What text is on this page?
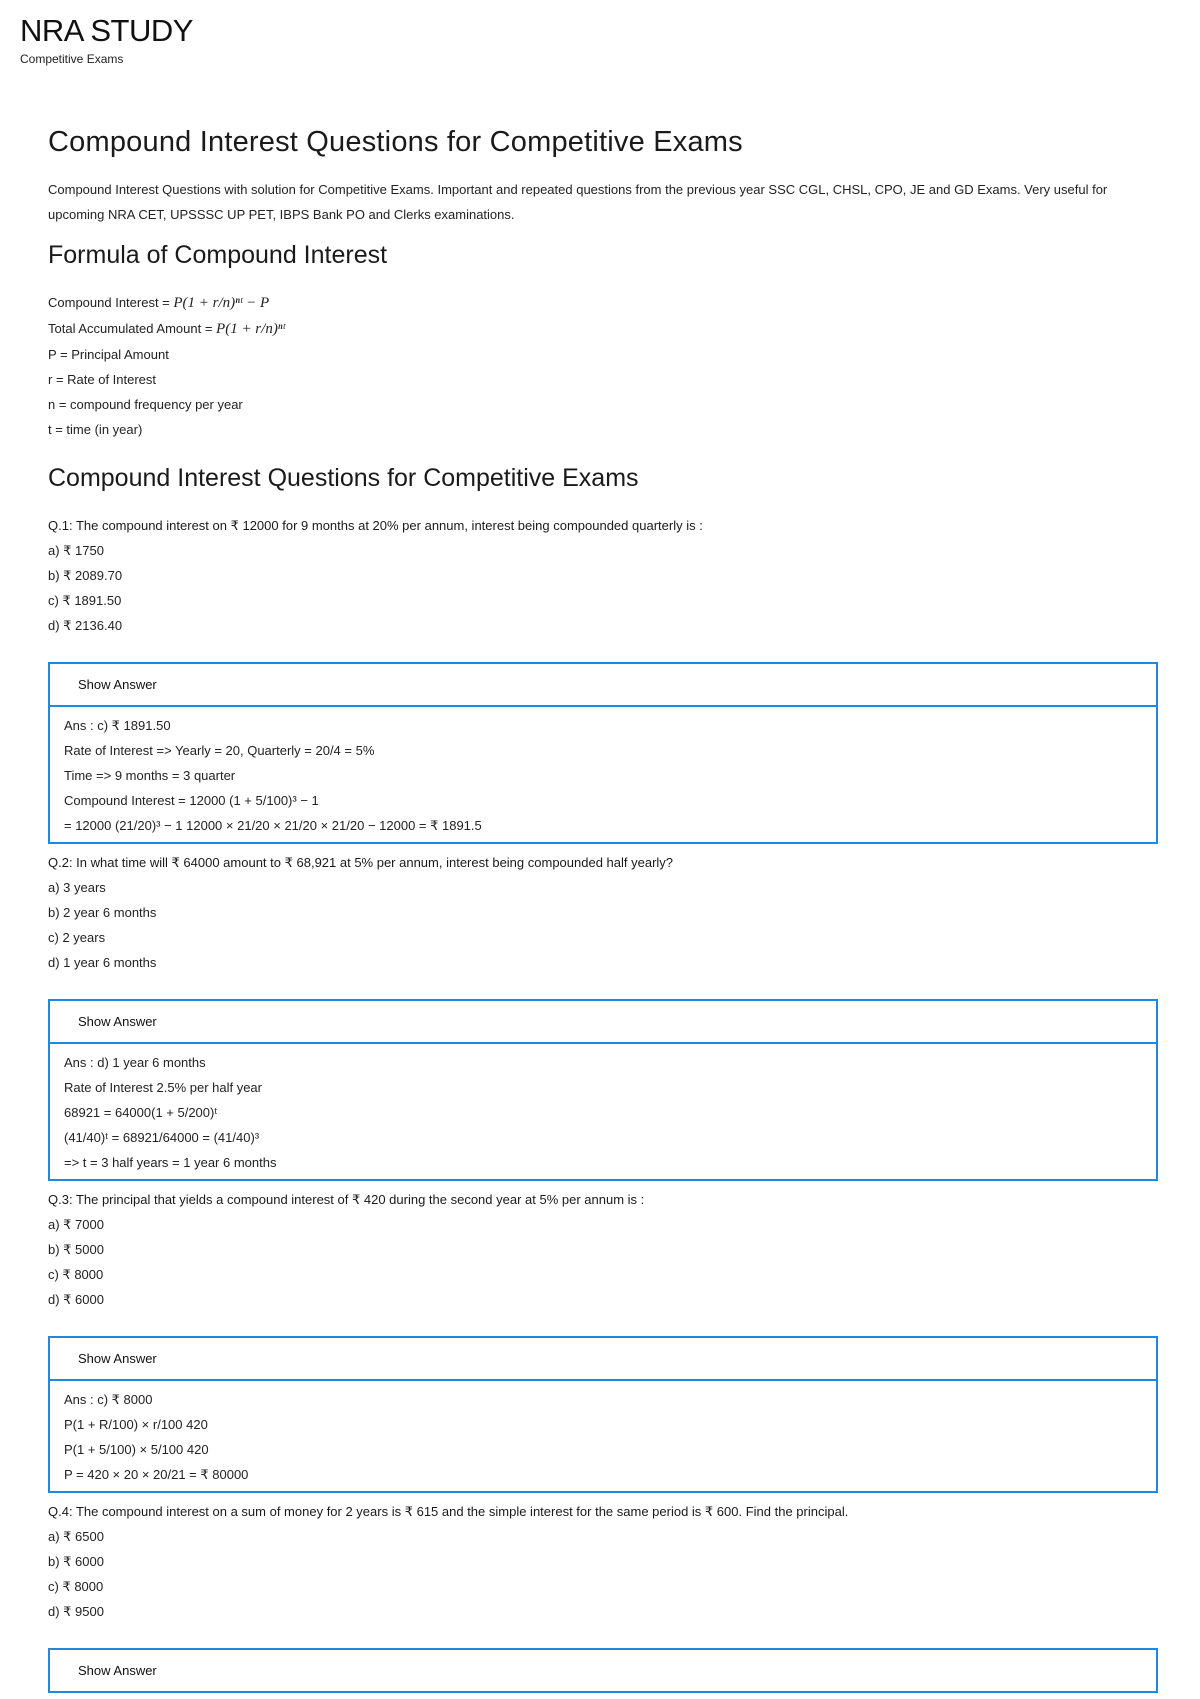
NRA STUDY
Competitive Exams
Compound Interest Questions for Competitive Exams

Compound Interest Questions with solution for Competitive Exams. Important and repeated questions from the previous year SSC CGL, CHSL, CPO, JE and GD Exams. Very useful for upcoming NRA CET, UPSSSC UP PET, IBPS Bank PO and Clerks examinations.

Formula of Compound Interest
Compound Interest = P(1 + r/n)ⁿᵗ − P
Total Accumulated Amount = P(1 + r/n)ⁿᵗ
P = Principal Amount
r = Rate of Interest
n = compound frequency per year
t = time (in year)
Compound Interest Questions for Competitive Exams
Q.1: The compound interest on ₹ 12000 for 9 months at 20% per annum, interest being compounded quarterly is :
a) ₹ 1750
b) ₹ 2089.70
c) ₹ 1891.50
d) ₹ 2136.40
Show Answer
Ans : c) ₹ 1891.50
Rate of Interest => Yearly = 20, Quarterly = 20/4 = 5%
Time => 9 months = 3 quarter
Compound Interest = 12000 (1 + 5/100)³ − 1
= 12000 (21/20)³ − 1 12000 × 21/20 × 21/20 × 21/20 − 12000 = ₹ 1891.5
Q.2: In what time will ₹ 64000 amount to ₹ 68,921 at 5% per annum, interest being compounded half yearly?
a) 3 years
b) 2 year 6 months
c) 2 years
d) 1 year 6 months
Show Answer
Ans : d) 1 year 6 months
Rate of Interest 2.5% per half year
68921 = 64000(1 + 5/200)ᵗ
(41/40)ᵗ = 68921/64000 = (41/40)³
=> t = 3 half years = 1 year 6 months
Q.3: The principal that yields a compound interest of ₹ 420 during the second year at 5% per annum is :
a) ₹ 7000
b) ₹ 5000
c) ₹ 8000
d) ₹ 6000
Show Answer
Ans : c) ₹ 8000
P(1 + R/100) × r/100 420
P(1 + 5/100) × 5/100 420
P = 420 × 20 × 20/21 = ₹ 80000
Q.4: The compound interest on a sum of money for 2 years is ₹ 615 and the simple interest for the same period is ₹ 600. Find the principal.
a) ₹ 6500
b) ₹ 6000
c) ₹ 8000
d) ₹ 9500
Show Answer
